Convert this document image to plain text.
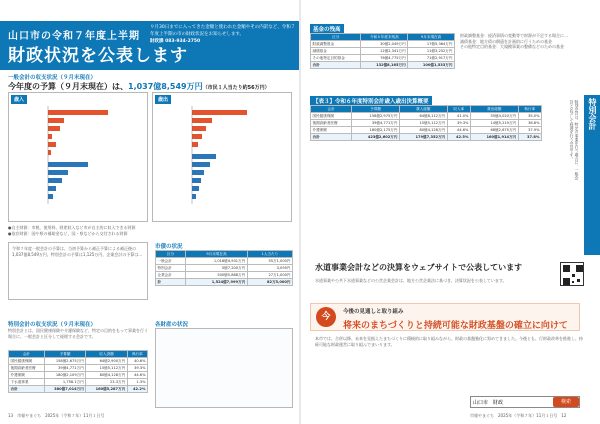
山口市の令和７年度上半期
財政状況を公表します
９月30日までに入ってきた金額と使われた金額やその内訳など、令和７年度上半期の市の財政状況をお知らせします。
財政課 083-934-2750
一般会計の収支状況（９月末現在）
今年度の予算（９月末現在）は、1,037億8,549万円（市民１人当たり約56万円）
歳入	歳出
●自主財源：市税、使用料、財産収入など市が自主的に収入できる財源
●依存財源：国や県の補助金など、国・県などから交付される財源
令和７年度一般会計の予算は、当初予算から補正予算による補正後の1,037億8,549万円、特別会計の予算は1,125万円、企業会計の予算は…
市債の状況
区分	9月末現在高	1人当たり
一般会計	1,018億4,931万円	55万1,000円
特別会計	5億7,200万円	3,095円
企業会計	500億5,868万円	27万1,000円
計	1,524億7,999万円	82万5,000円
特別会計の収支状況（９月末現在）
特別会計とは、国民健康保険や介護保険など、特定の目的をもって事業を行う場合に、一般会計と区分して経理する会計です。
会計	予算額	収入済額	執行率
国民健康保険	158億2,675万円	64億2,900万円	40.6%
後期高齢者医療	39億4,771万円	15億5,112万円	39.3%
介護保険	180億2,109万円	80億4,128万円	44.6%
下水道事業	1,758.1万円	23.3万円	1.3%
合計	380億7,014万円	160億5,287万円	42.2%
各財産の状況
13　市報やまぐち　2025年（令和７年）11月１日号
基金の残高
区分	令和６年度末残高	9月末現在高
財政調整基金	30億2,049万円	17億5,364万円
減債基金	12億2,341万円	11億3,252万円
その他特定目的基金	76億4,775万円	71億2,917万円
合計	132億8,165万円	100億1,533万円
財政調整基金：経済事情の変動等で財源が不足する場合に…
減債基金：地方債の償還を計画的に行うための基金
その他特定目的基金：大規模事業の整備などのための基金
【表３】令和６年度特別会計歳入歳出決算概要
会計	予算額	歳入総額	収入率	歳出総額	執行率
国民健康保険	158億2,975万円	64億8,112万円	41.0%	55億4,020万円	35.0%
後期高齢者医療	39億4,771万円	15億5,112万円	39.3%	14億5,219万円	36.8%
介護保険	180億2,175万円	80億4,128万円	44.6%	68億2,675万円	37.9%
合計	423億2,602万円	179億7,352万円	42.5%	160億1,914万円	37.8%
特別会計
特別会計は、特定の事業を行う場合に、一般会計と区分して経理を行う会計です。
水道事業会計などの決算をウェブサイトで公表しています
水道事業や公共下水道事業などの公営企業会計は、地方公営企業法に基づき、決算状況を公表しています。
今後の見通しと取り組み
将来のまちづくりと持続可能な財政基盤の確立に向けて
今
本市では、合併以降、未来を見据えたまちづくりに積極的に取り組みながら、財政の基盤強化に努めてきました。今後とも、行財政改革を推進し、持続可能な財政運営に取り組んでまいります。
山口市　財政
検索
市報やまぐち　2025年（令和７年）11月１日号　12
